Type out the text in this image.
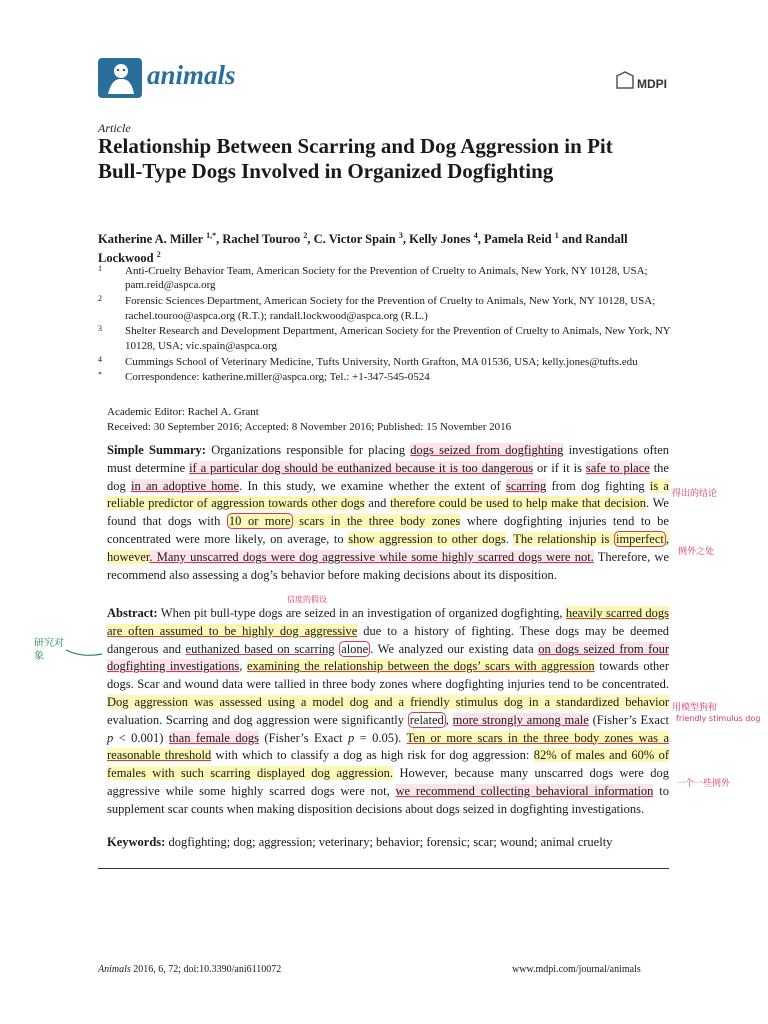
animals	MDPI
Article
Relationship Between Scarring and Dog Aggression in Pit Bull-Type Dogs Involved in Organized Dogfighting
Katherine A. Miller $^{1,*}$, Rachel Touroo $^2$, C. Victor Spain $^3$, Kelly Jones $^4$, Pamela Reid $^1$ and Randall Lockwood $^2$
1	Anti-Cruelty Behavior Team, American Society for the Prevention of Cruelty to Animals, New York, NY 10128, USA; pam.reid@aspca.org
2	Forensic Sciences Department, American Society for the Prevention of Cruelty to Animals, New York, NY 10128, USA; rachel.touroo@aspca.org (R.T.); randall.lockwood@aspca.org (R.L.)
3	Shelter Research and Development Department, American Society for the Prevention of Cruelty to Animals, New York, NY 10128, USA; vic.spain@aspca.org
4	Cummings School of Veterinary Medicine, Tufts University, North Grafton, MA 01536, USA; kelly.jones@tufts.edu
*	Correspondence: katherine.miller@aspca.org; Tel.: +1-347-545-0524
Academic Editor: Rachel A. Grant
Received: 30 September 2016; Accepted: 8 November 2016; Published: 15 November 2016
Simple Summary: Organizations responsible for placing dogs seized from dogfighting investigations often must determine if a particular dog should be euthanized because it is too dangerous or if it is safe to place the dog in an adoptive home. In this study, we examine whether the extent of scarring from dog fighting is a reliable predictor of aggression towards other dogs and therefore could be used to help make that decision. We found that dogs with 10 or more scars in the three body zones where dogfighting injuries tend to be concentrated were more likely, on average, to show aggression to other dogs. The relationship is imperfect , however. Many unscarred dogs were dog aggressive while some highly scarred dogs were not. Therefore, we recommend also assessing a dog’s behavior before making decisions about its disposition.
Abstract: When pit bull-type dogs are seized in an investigation of organized dogfighting, heavily scarred dogs are often assumed to be highly dog aggressive due to a history of fighting. These dogs may be deemed dangerous and euthanized based on scarring alone . We analyzed our existing data on dogs seized from four dogfighting investigations, examining the relationship between the dogs’ scars with aggression towards other dogs. Scar and wound data were tallied in three body zones where dogfighting injuries tend to be concentrated. Dog aggression was assessed using a model dog and a friendly stimulus dog in a standardized behavior evaluation. Scarring and dog aggression were significantly related , more strongly among male (Fisher’s Exact p < 0.001) than female dogs (Fisher’s Exact p = 0.05). Ten or more scars in the three body zones was a reasonable threshold with which to classify a dog as high risk for dog aggression: 82% of males and 60% of females with such scarring displayed dog aggression. However, because many unscarred dogs were dog aggressive while some highly scarred dogs were not, we recommend collecting behavioral information to supplement scar counts when making disposition decisions about dogs seized in dogfighting investigations.
Keywords: dogfighting; dog; aggression; veterinary; behavior; forensic; scar; wound; animal cruelty
Animals 2016, 6, 72; doi:10.3390/ani6110072	www.mdpi.com/journal/animals
得出的结论
例外之处
信度的假设
研究对象
用模型狗和
friendly stimulus dog
一个一些例外
